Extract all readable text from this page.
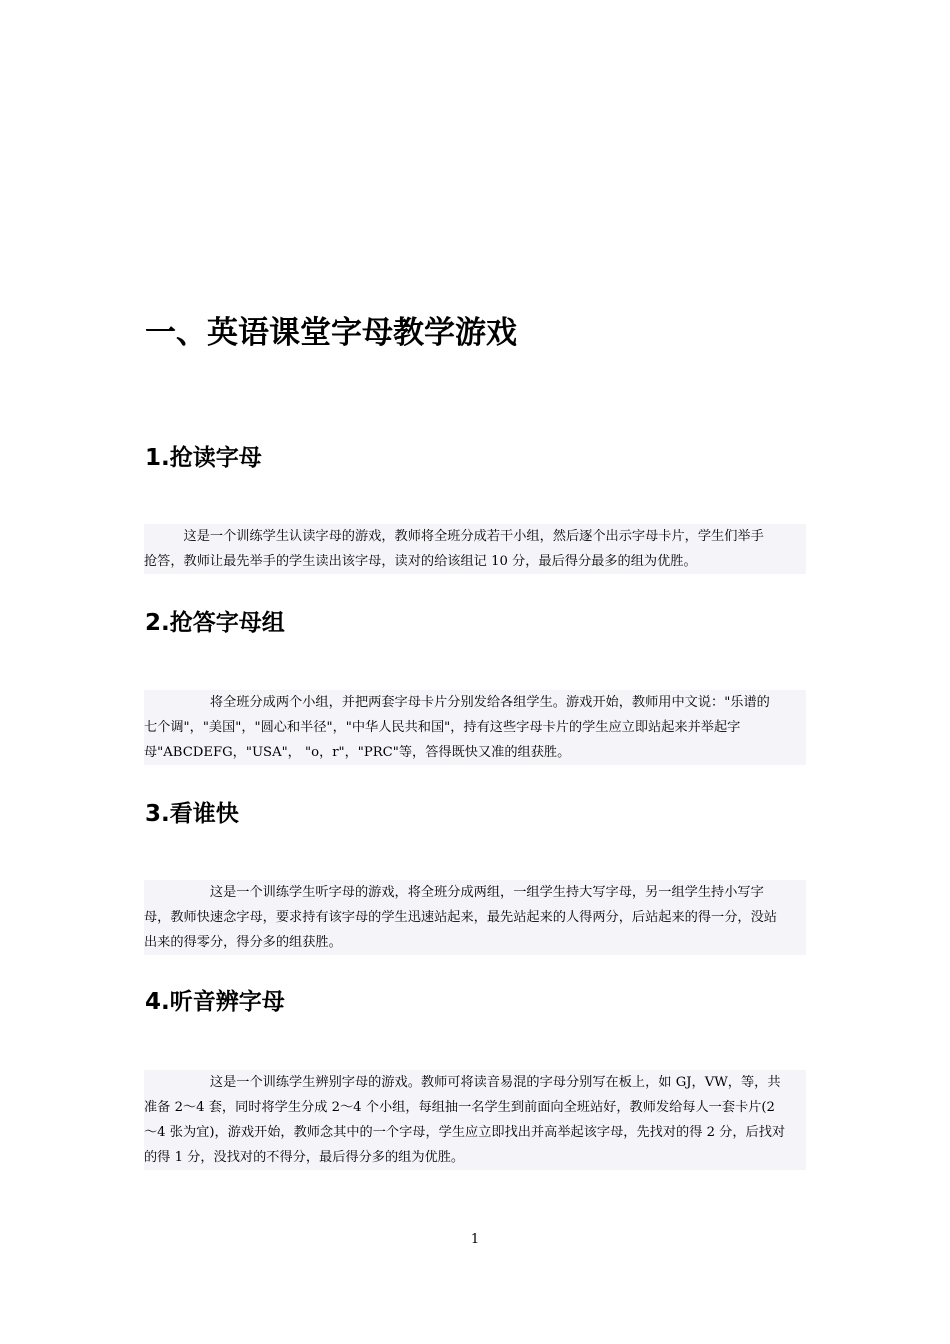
一、英语课堂字母教学游戏
1.抢读字母
　　　这是一个训练学生认读字母的游戏，教师将全班分成若干小组，然后逐个出示字母卡片，学生们举手
抢答，教师让最先举手的学生读出该字母，读对的给该组记 10 分，最后得分最多的组为优胜。
2.抢答字母组
　　　　　将全班分成两个小组，并把两套字母卡片分别发给各组学生。游戏开始，教师用中文说："乐谱的
七个调"，"美国"，"圆心和半径"，"中华人民共和国"，持有这些字母卡片的学生应立即站起来并举起字
母"ABCDEFG，"USA"， "o，r"，"PRC"等，答得既快又准的组获胜。
3.看谁快
　　　　　这是一个训练学生听字母的游戏，将全班分成两组，一组学生持大写字母，另一组学生持小写字
母，教师快速念字母，要求持有该字母的学生迅速站起来，最先站起来的人得两分，后站起来的得一分，没站
出来的得零分，得分多的组获胜。
4.听音辨字母
　　　　　这是一个训练学生辨别字母的游戏。教师可将读音易混的字母分别写在板上，如 GJ，VW，等，共
准备 2～4 套，同时将学生分成 2～4 个小组，每组抽一名学生到前面向全班站好，教师发给每人一套卡片(2
～4 张为宜)，游戏开始，教师念其中的一个字母，学生应立即找出并高举起该字母，先找对的得 2 分，后找对
的得 1 分，没找对的不得分，最后得分多的组为优胜。
1
